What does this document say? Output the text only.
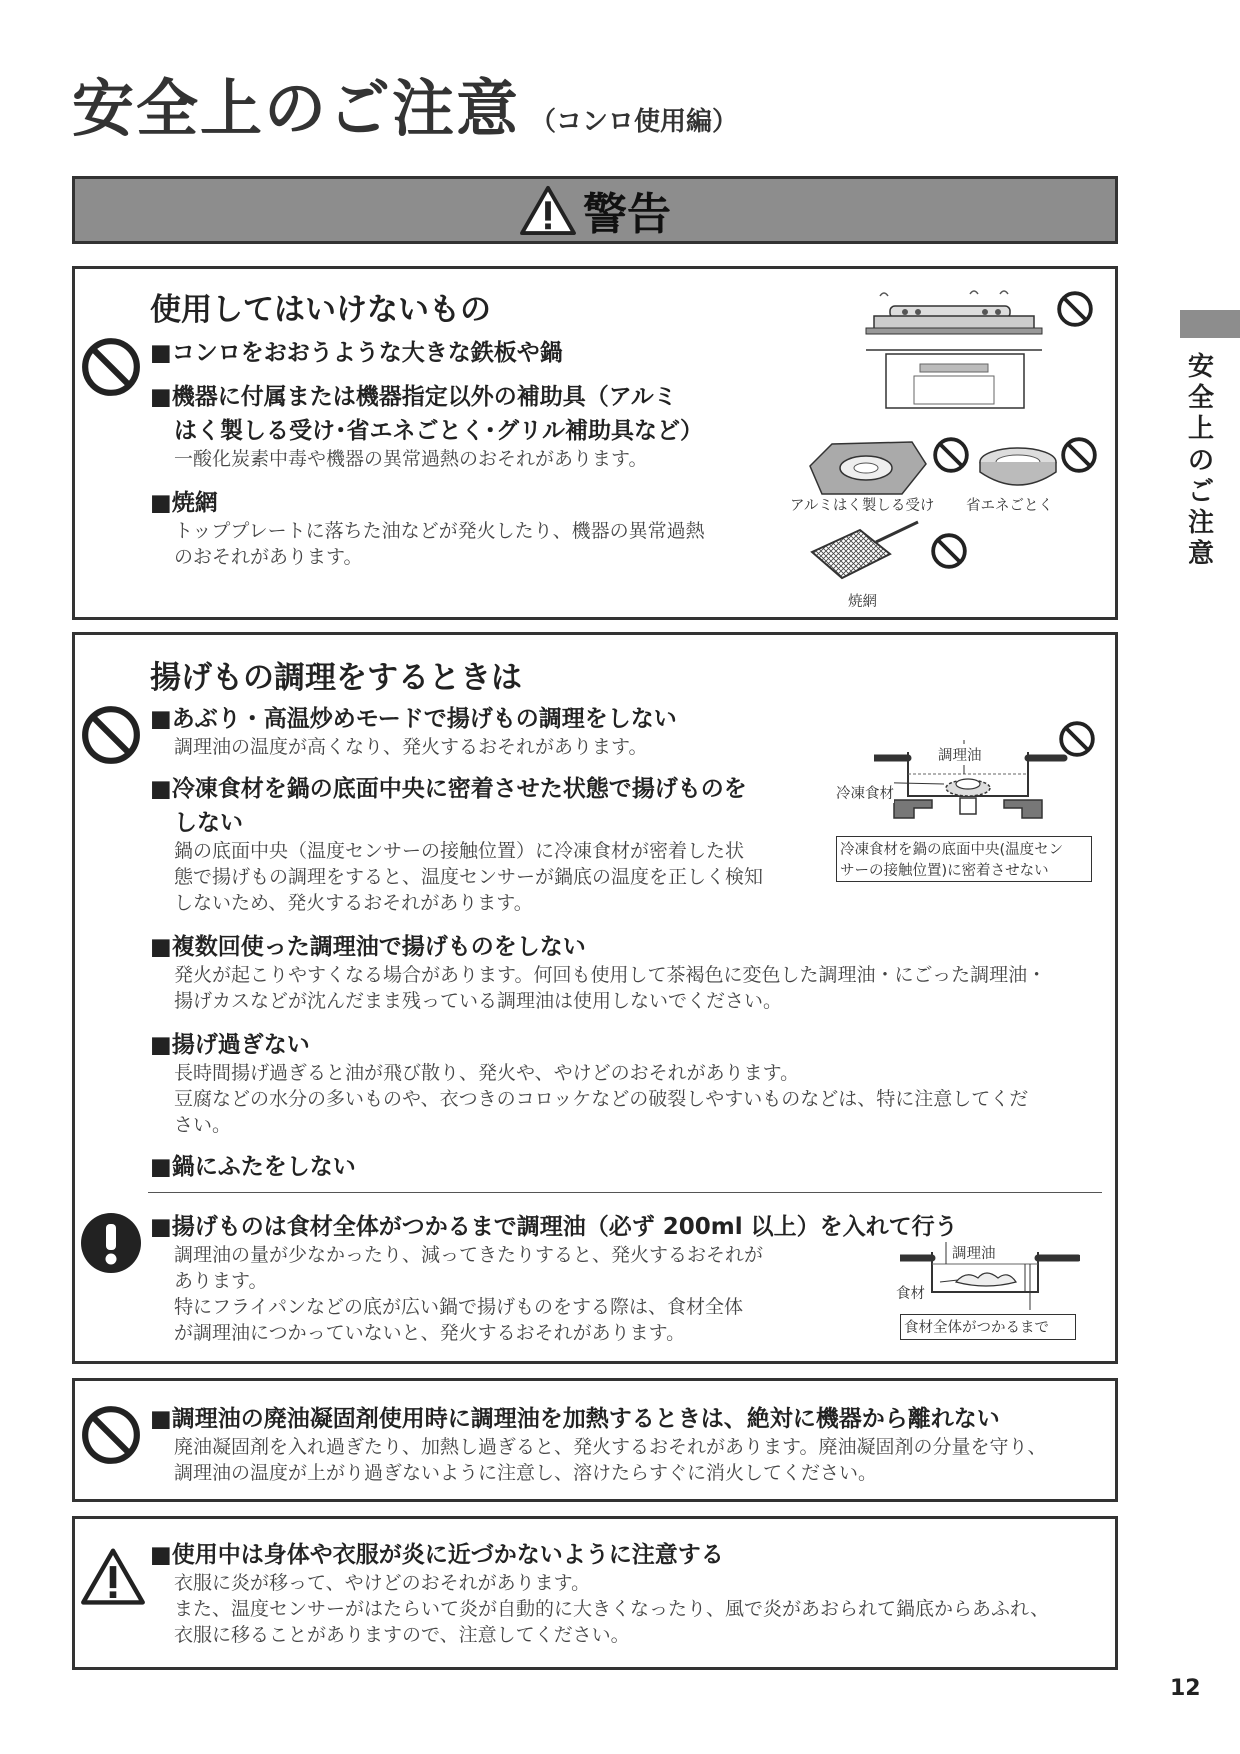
安全上のご注意 （コンロ使用編）
警告
安
全
上
の
ご
注
意
使用してはいけないもの
■コンロをおおうような大きな鉄板や鍋
■機器に付属または機器指定以外の補助具（アルミ
はく製しる受け･省エネごとく･グリル補助具など）
一酸化炭素中毒や機器の異常過熱のおそれがあります。
■焼網
トッププレートに落ちた油などが発火したり、機器の異常過熱
のおそれがあります。
アルミはく製しる受け 省エネごとく
焼網
揚げもの調理をするときは
■あぶり・高温炒めモードで揚げもの調理をしない
調理油の温度が高くなり、発火するおそれがあります。
■冷凍食材を鍋の底面中央に密着させた状態で揚げものを
しない
鍋の底面中央（温度センサーの接触位置）に冷凍食材が密着した状
態で揚げもの調理をすると、温度センサーが鍋底の温度を正しく検知
しないため、発火するおそれがあります。
■複数回使った調理油で揚げものをしない
発火が起こりやすくなる場合があります。何回も使用して茶褐色に変色した調理油・にごった調理油・
揚げカスなどが沈んだまま残っている調理油は使用しないでください。
■揚げ過ぎない
長時間揚げ過ぎると油が飛び散り、発火や、やけどのおそれがあります。
豆腐などの水分の多いものや、衣つきのコロッケなどの破裂しやすいものなどは、特に注意してくだ
さい。
■鍋にふたをしない
調理油
冷凍食材
冷凍食材を鍋の底面中央(温度セン
サーの接触位置)に密着させない
■揚げものは食材全体がつかるまで調理油（必ず 200ml 以上）を入れて行う
調理油の量が少なかったり、減ってきたりすると、発火するおそれが
あります。
特にフライパンなどの底が広い鍋で揚げものをする際は、食材全体
が調理油につかっていないと、発火するおそれがあります。
調理油
食材
食材全体がつかるまで
■調理油の廃油凝固剤使用時に調理油を加熱するときは、絶対に機器から離れない
廃油凝固剤を入れ過ぎたり、加熱し過ぎると、発火するおそれがあります。廃油凝固剤の分量を守り、
調理油の温度が上がり過ぎないように注意し、溶けたらすぐに消火してください。
■使用中は身体や衣服が炎に近づかないように注意する
衣服に炎が移って、やけどのおそれがあります。
また、温度センサーがはたらいて炎が自動的に大きくなったり、風で炎があおられて鍋底からあふれ、
衣服に移ることがありますので、注意してください。
12
